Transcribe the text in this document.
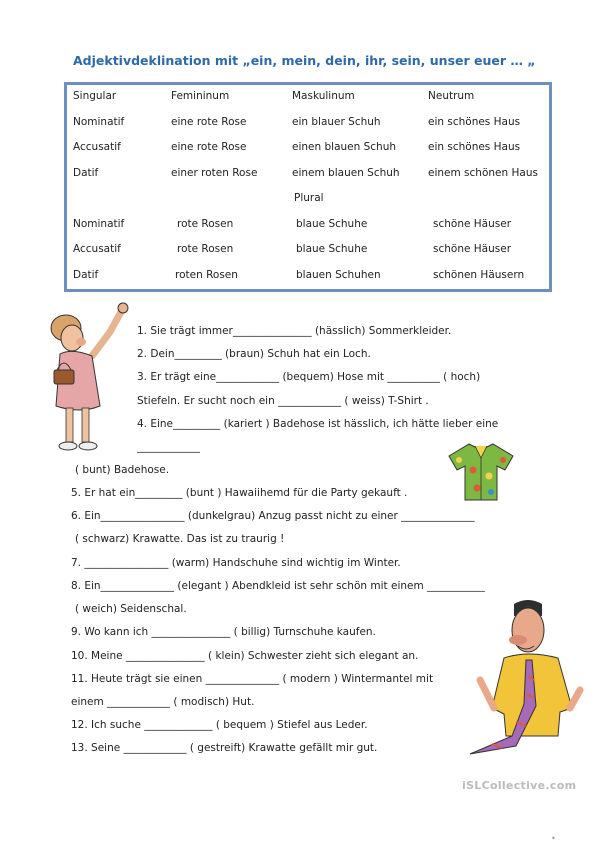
Adjektivdeklination mit „ein, mein, dein, ihr, sein, unser euer … „
Singular	Femininum	Maskulinum	Neutrum
Nominatif	eine rote Rose	ein blauer Schuh	ein schönes Haus
Accusatif	eine rote Rose	einen blauen Schuh	ein schönes Haus
Datif	einer roten Rose	einem blauen Schuh	einem schönen Haus
Plural
Nominatif	rote Rosen	blaue Schuhe	schöne Häuser
Accusatif	rote Rosen	blaue Schuhe	schöne Häuser
Datif	roten Rosen	blauen Schuhen	schönen Häusern
1. Sie trägt immer_______________ (hässlich) Sommerkleider.
2. Dein_________ (braun) Schuh hat ein Loch.
3. Er trägt eine____________ (bequem) Hose mit __________ ( hoch)
Stiefeln. Er sucht noch ein ____________ ( weiss) T-Shirt .
4. Eine_________ (kariert ) Badehose ist hässlich, ich hätte lieber eine
____________
( bunt) Badehose.
5. Er hat ein_________ (bunt ) Hawaiihemd für die Party gekauft .
6. Ein________________ (dunkelgrau) Anzug passt nicht zu einer ______________
( schwarz) Krawatte. Das ist zu traurig !
7. ________________ (warm) Handschuhe sind wichtig im Winter.
8. Ein______________ (elegant ) Abendkleid ist sehr schön mit einem ___________
( weich) Seidenschal.
9. Wo kann ich _______________ ( billig) Turnschuhe kaufen.
10. Meine _______________ ( klein) Schwester zieht sich elegant an.
11. Heute trägt sie einen ______________ ( modern ) Wintermantel mit
einem ____________ ( modisch) Hut.
12. Ich suche _____________ ( bequem ) Stiefel aus Leder.
13. Seine ____________ ( gestreift) Krawatte gefällt mir gut.
iSLCollective.com
•
